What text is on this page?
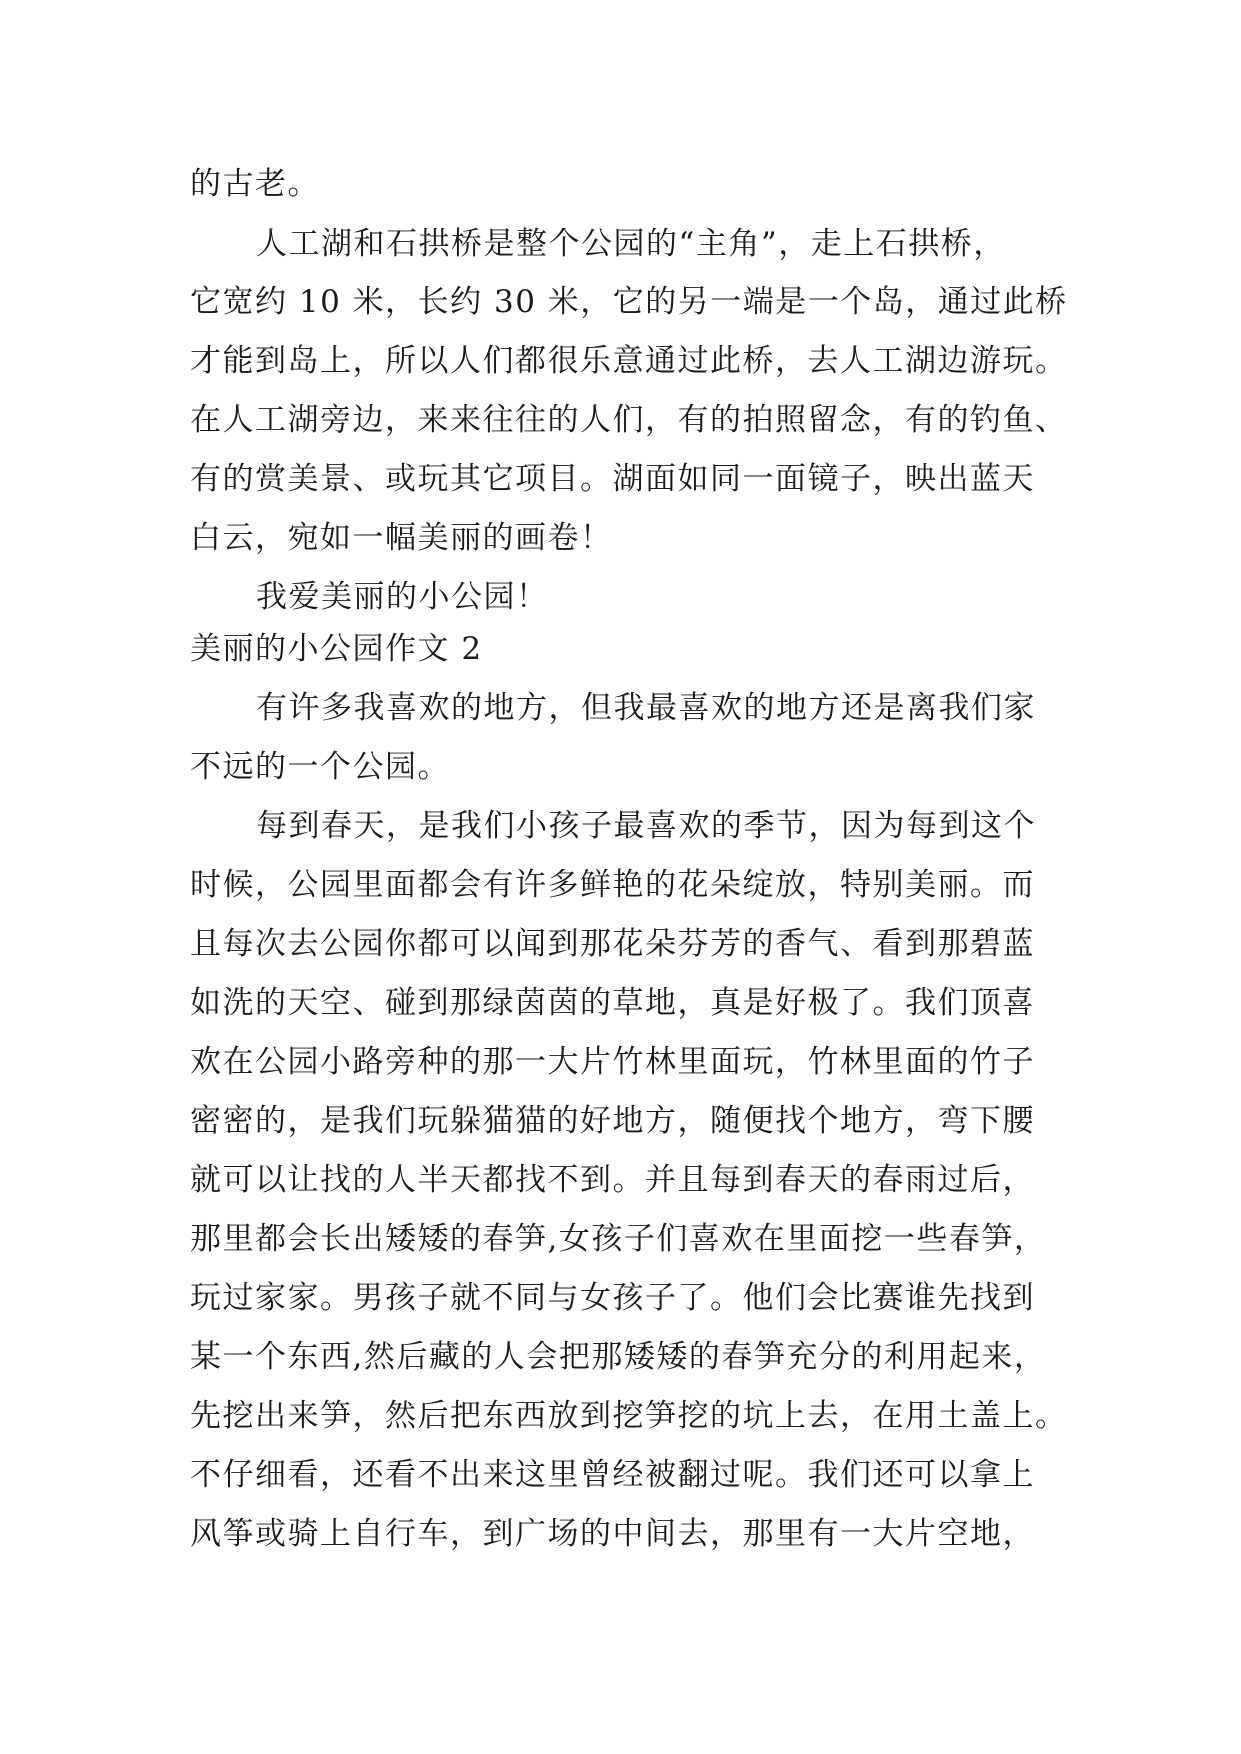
的古老。
人工湖和石拱桥是整个公园的“主角”，走上石拱桥，
它宽约 10 米，长约 30 米，它的另一端是一个岛，通过此桥
才能到岛上，所以人们都很乐意通过此桥，去人工湖边游玩。
在人工湖旁边，来来往往的人们，有的拍照留念，有的钓鱼、
有的赏美景、或玩其它项目。湖面如同一面镜子，映出蓝天
白云，宛如一幅美丽的画卷！
我爱美丽的小公园！
美丽的小公园作文 2
有许多我喜欢的地方，但我最喜欢的地方还是离我们家
不远的一个公园。
每到春天，是我们小孩子最喜欢的季节，因为每到这个
时候，公园里面都会有许多鲜艳的花朵绽放，特别美丽。而
且每次去公园你都可以闻到那花朵芬芳的香气、看到那碧蓝
如洗的天空、碰到那绿茵茵的草地，真是好极了。我们顶喜
欢在公园小路旁种的那一大片竹林里面玩，竹林里面的竹子
密密的，是我们玩躲猫猫的好地方，随便找个地方，弯下腰
就可以让找的人半天都找不到。并且每到春天的春雨过后，
那里都会长出矮矮的春笋,女孩子们喜欢在里面挖一些春笋，
玩过家家。男孩子就不同与女孩子了。他们会比赛谁先找到
某一个东西,然后藏的人会把那矮矮的春笋充分的利用起来，
先挖出来笋，然后把东西放到挖笋挖的坑上去，在用土盖上。
不仔细看，还看不出来这里曾经被翻过呢。我们还可以拿上
风筝或骑上自行车，到广场的中间去，那里有一大片空地，
